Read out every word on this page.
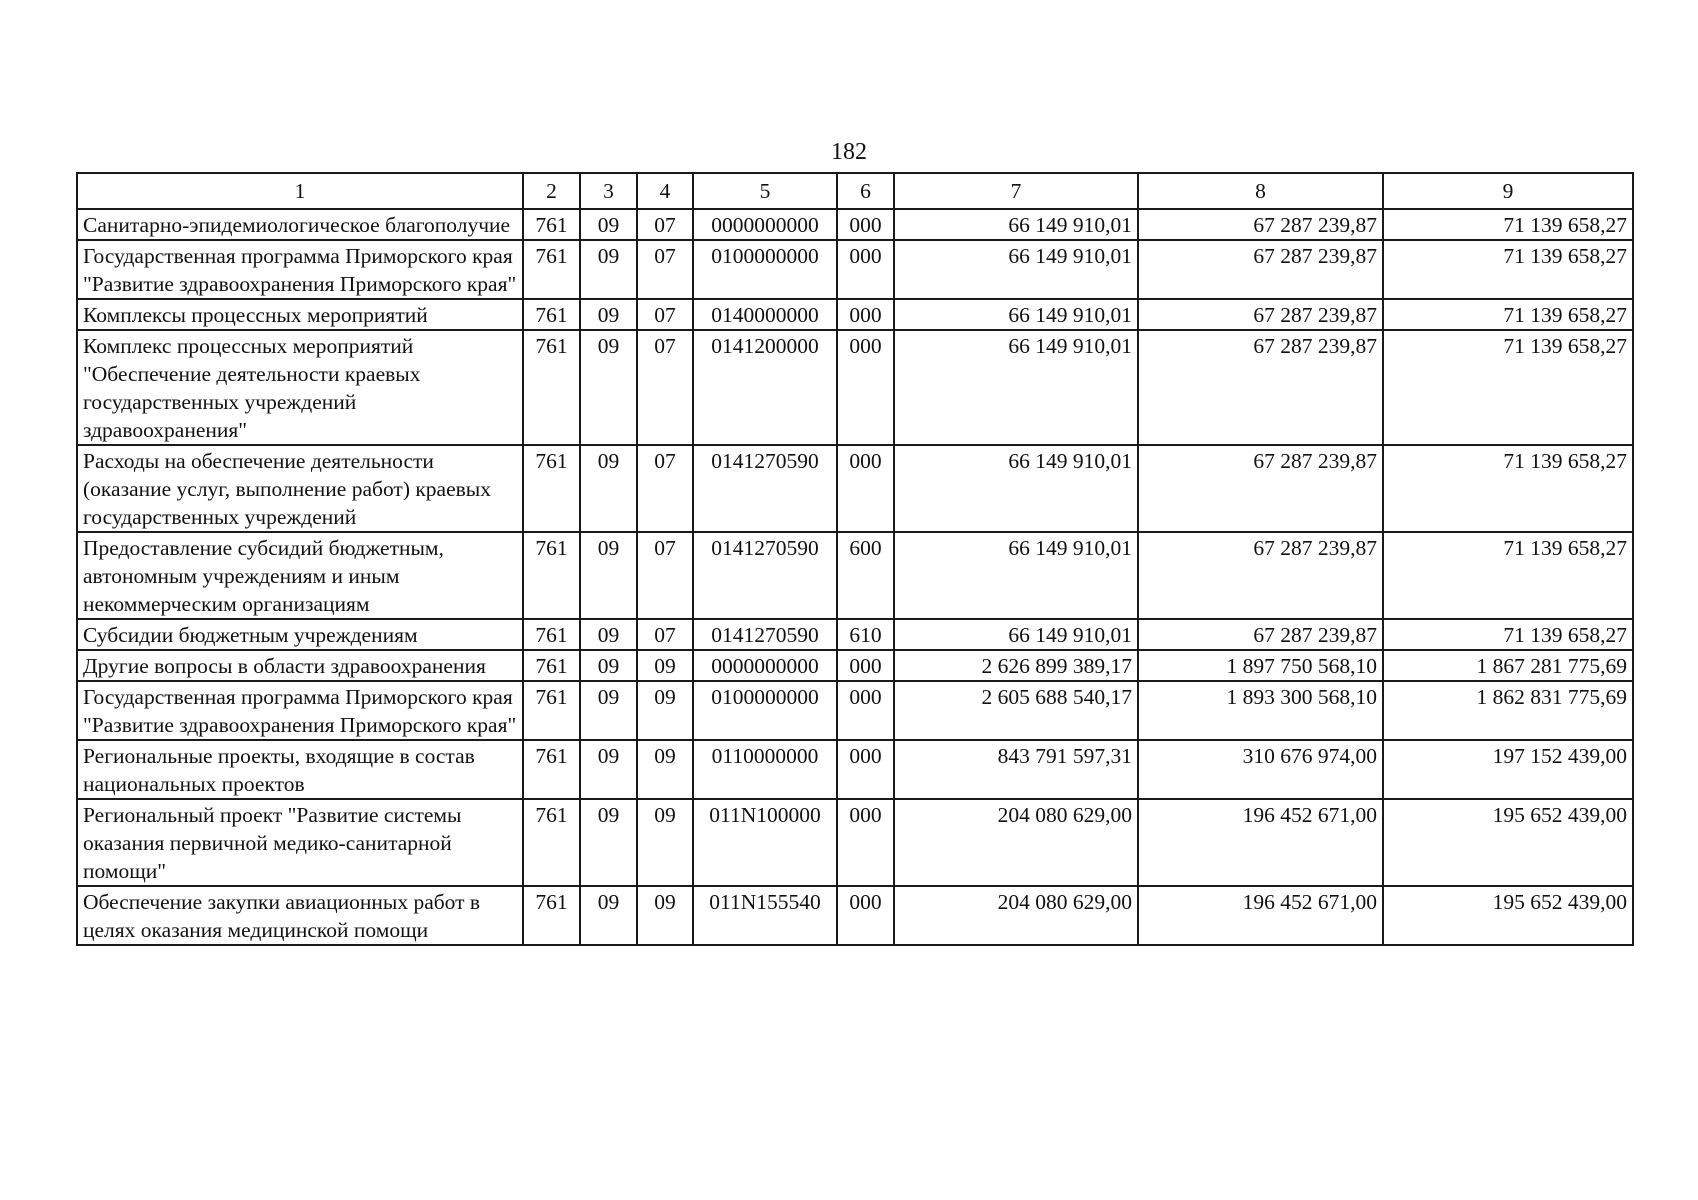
182
1	2	3	4	5	6	7	8	9
Санитарно-эпидемиологическое благополучие	761	09	07	0000000000	000	66 149 910,01	67 287 239,87	71 139 658,27
Государственная программа Приморского края "Развитие здравоохранения Приморского края"	761	09	07	0100000000	000	66 149 910,01	67 287 239,87	71 139 658,27
Комплексы процессных мероприятий	761	09	07	0140000000	000	66 149 910,01	67 287 239,87	71 139 658,27
Комплекс процессных мероприятий "Обеспечение деятельности краевых государственных учреждений здравоохранения"	761	09	07	0141200000	000	66 149 910,01	67 287 239,87	71 139 658,27
Расходы на обеспечение деятельности (оказание услуг, выполнение работ) краевых государственных учреждений	761	09	07	0141270590	000	66 149 910,01	67 287 239,87	71 139 658,27
Предоставление субсидий бюджетным, автономным учреждениям и иным некоммерческим организациям	761	09	07	0141270590	600	66 149 910,01	67 287 239,87	71 139 658,27
Субсидии бюджетным учреждениям	761	09	07	0141270590	610	66 149 910,01	67 287 239,87	71 139 658,27
Другие вопросы в области здравоохранения	761	09	09	0000000000	000	2 626 899 389,17	1 897 750 568,10	1 867 281 775,69
Государственная программа Приморского края "Развитие здравоохранения Приморского края"	761	09	09	0100000000	000	2 605 688 540,17	1 893 300 568,10	1 862 831 775,69
Региональные проекты, входящие в состав национальных проектов	761	09	09	0110000000	000	843 791 597,31	310 676 974,00	197 152 439,00
Региональный проект "Развитие системы оказания первичной медико-санитарной помощи"	761	09	09	011N100000	000	204 080 629,00	196 452 671,00	195 652 439,00
Обеспечение закупки авиационных работ в целях оказания медицинской помощи	761	09	09	011N155540	000	204 080 629,00	196 452 671,00	195 652 439,00
